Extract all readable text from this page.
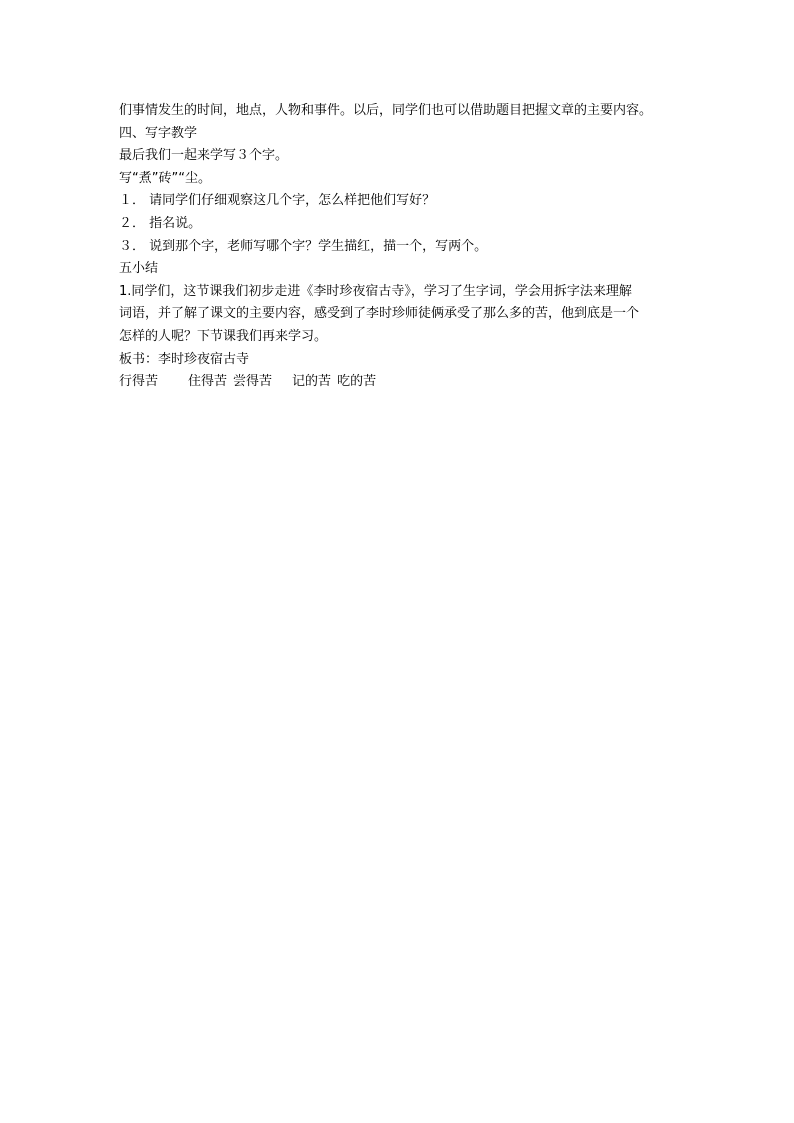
们事情发生的时间，地点，人物和事件。以后，同学们也可以借助题目把握文章的主要内容。
四、写字教学
最后我们一起来学写３个字。
写“煮”砖”“尘。
１． 请同学们仔细观察这几个字，怎么样把他们写好？
２． 指名说。
３． 说到那个字，老师写哪个字？学生描红，描一个，写两个。
五小结
1.同学们，这节课我们初步走进《李时珍夜宿古寺》，学习了生字词，学会用拆字法来理解
词语，并了解了课文的主要内容，感受到了李时珍师徒俩承受了那么多的苦，他到底是一个
怎样的人呢？下节课我们再来学习。
板书：李时珍夜宿古寺
行得苦 住得苦 尝得苦 记的苦 吃的苦
